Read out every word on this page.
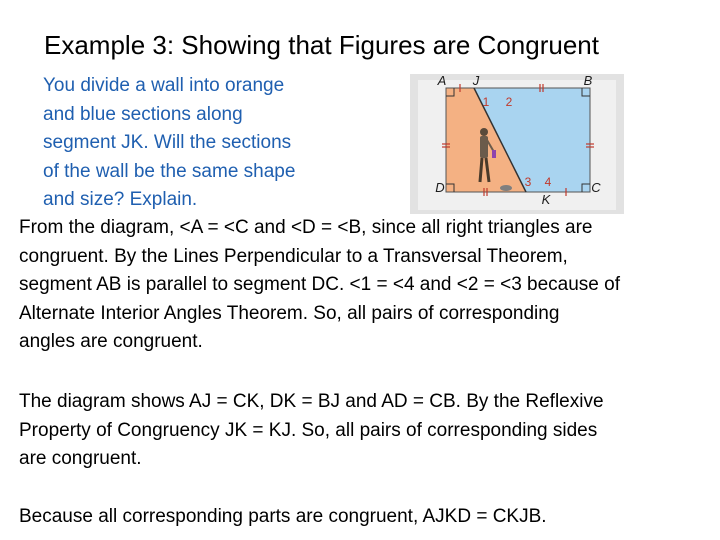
Example 3: Showing that Figures are Congruent
You divide a wall into orange
and blue sections along
segment JK. Will the sections
of the wall be the same shape
and size? Explain.
A J	B
D
K
C
1 2
3 4
From the diagram, <A = <C and <D = <B, since all right triangles are
congruent. By the Lines Perpendicular to a Transversal Theorem,
segment AB is parallel to segment DC. <1 = <4 and <2 = <3 because of
Alternate Interior Angles Theorem. So, all pairs of corresponding
angles are congruent.
The diagram shows AJ = CK, DK = BJ and AD = CB. By the Reflexive
Property of Congruency JK = KJ. So, all pairs of corresponding sides
are congruent.
Because all corresponding parts are congruent, AJKD = CKJB.
